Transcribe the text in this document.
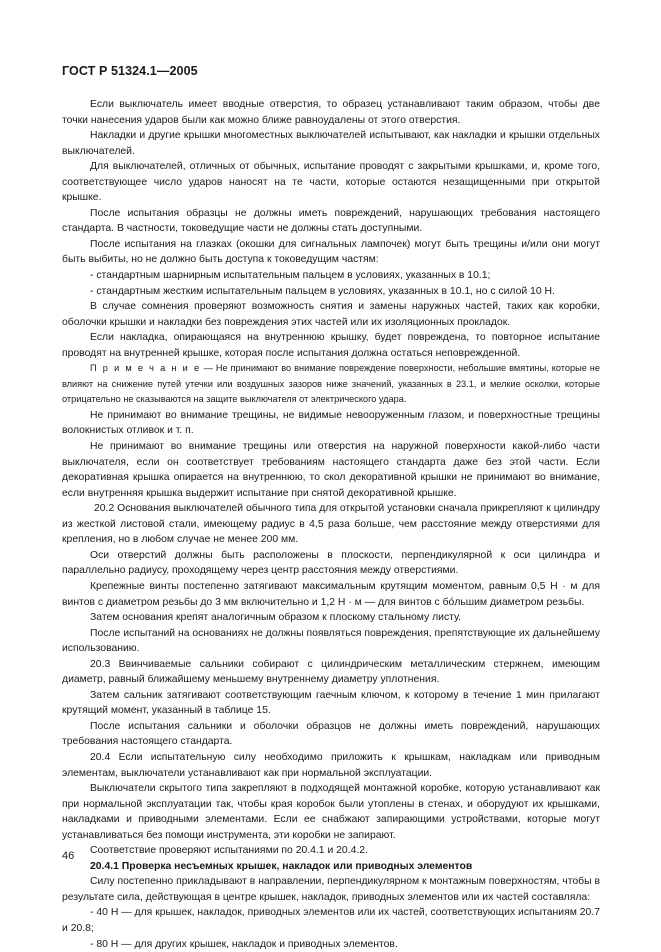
ГОСТ Р 51324.1—2005

Если выключатель имеет вводные отверстия, то образец устанавливают таким образом, чтобы две точки нанесения ударов были как можно ближе равноудалены от этого отверстия.

Накладки и другие крышки многоместных выключателей испытывают, как накладки и крышки отдельных выключателей.

Для выключателей, отличных от обычных, испытание проводят с закрытыми крышками, и, кроме того, соответствующее число ударов наносят на те части, которые остаются незащищенными при открытой крышке.

После испытания образцы не должны иметь повреждений, нарушающих требования настоящего стандарта. В частности, токоведущие части не должны стать доступными.

После испытания на глазках (окошки для сигнальных лампочек) могут быть трещины и/или они могут быть выбиты, но не должно быть доступа к токоведущим частям:

- стандартным шарнирным испытательным пальцем в условиях, указанных в 10.1;

- стандартным жестким испытательным пальцем в условиях, указанных в 10.1, но с силой 10 Н.

В случае сомнения проверяют возможность снятия и замены наружных частей, таких как коробки, оболочки крышки и накладки без повреждения этих частей или их изоляционных прокладок.

Если накладка, опирающаяся на внутреннюю крышку, будет повреждена, то повторное испытание проводят на внутренней крышке, которая после испытания должна остаться неповрежденной.

П р и м е ч а н и е — Не принимают во внимание повреждение поверхности, небольшие вмятины, которые не влияют на снижение путей утечки или воздушных зазоров ниже значений, указанных в 23.1, и мелкие осколки, которые отрицательно не сказываются на защите выключателя от электрического удара.

Не принимают во внимание трещины, не видимые невооруженным глазом, и поверхностные трещины волокнистых отливок и т. п.

Не принимают во внимание трещины или отверстия на наружной поверхности какой-либо части выключателя, если он соответствует требованиям настоящего стандарта даже без этой части. Если декоративная крышка опирается на внутреннюю, то скол декоративной крышки не принимают во внимание, если внутренняя крышка выдержит испытание при снятой декоративной крышке.

20.2 Основания выключателей обычного типа для открытой установки сначала прикрепляют к цилиндру из жесткой листовой стали, имеющему радиус в 4,5 раза больше, чем расстояние между отверстиями для крепления, но в любом случае не менее 200 мм.

Оси отверстий должны быть расположены в плоскости, перпендикулярной к оси цилиндра и параллельно радиусу, проходящему через центр расстояния между отверстиями.

Крепежные винты постепенно затягивают максимальным крутящим моментом, равным 0,5 Н · м для винтов с диаметром резьбы до 3 мм включительно и 1,2 Н · м — для винтов с бо́льшим диаметром резьбы.

Затем основания крепят аналогичным образом к плоскому стальному листу.

После испытаний на основаниях не должны появляться повреждения, препятствующие их дальнейшему использованию.

20.3 Ввинчиваемые сальники собирают с цилиндрическим металлическим стержнем, имеющим диаметр, равный ближайшему меньшему внутреннему диаметру уплотнения.

Затем сальник затягивают соответствующим гаечным ключом, к которому в течение 1 мин прилагают крутящий момент, указанный в таблице 15.

После испытания сальники и оболочки образцов не должны иметь повреждений, нарушающих требования настоящего стандарта.

20.4 Если испытательную силу необходимо приложить к крышкам, накладкам или приводным элементам, выключатели устанавливают как при нормальной эксплуатации.

Выключатели скрытого типа закрепляют в подходящей монтажной коробке, которую устанавливают как при нормальной эксплуатации так, чтобы края коробок были утоплены в стенах, и оборудуют их крышками, накладками и приводными элементами. Если ее снабжают запирающими устройствами, которые могут устанавливаться без помощи инструмента, эти коробки не запирают.

Соответствие проверяют испытаниями по 20.4.1 и 20.4.2.

20.4.1 Проверка несъемных крышек, накладок или приводных элементов

Силу постепенно прикладывают в направлении, перпендикулярном к монтажным поверхностям, чтобы в результате сила, действующая в центре крышек, накладок, приводных элементов или их частей составляла:

- 40 Н — для крышек, накладок, приводных элементов или их частей, соответствующих испытаниям 20.7 и 20.8;

- 80 Н — для других крышек, накладок и приводных элементов.

46
